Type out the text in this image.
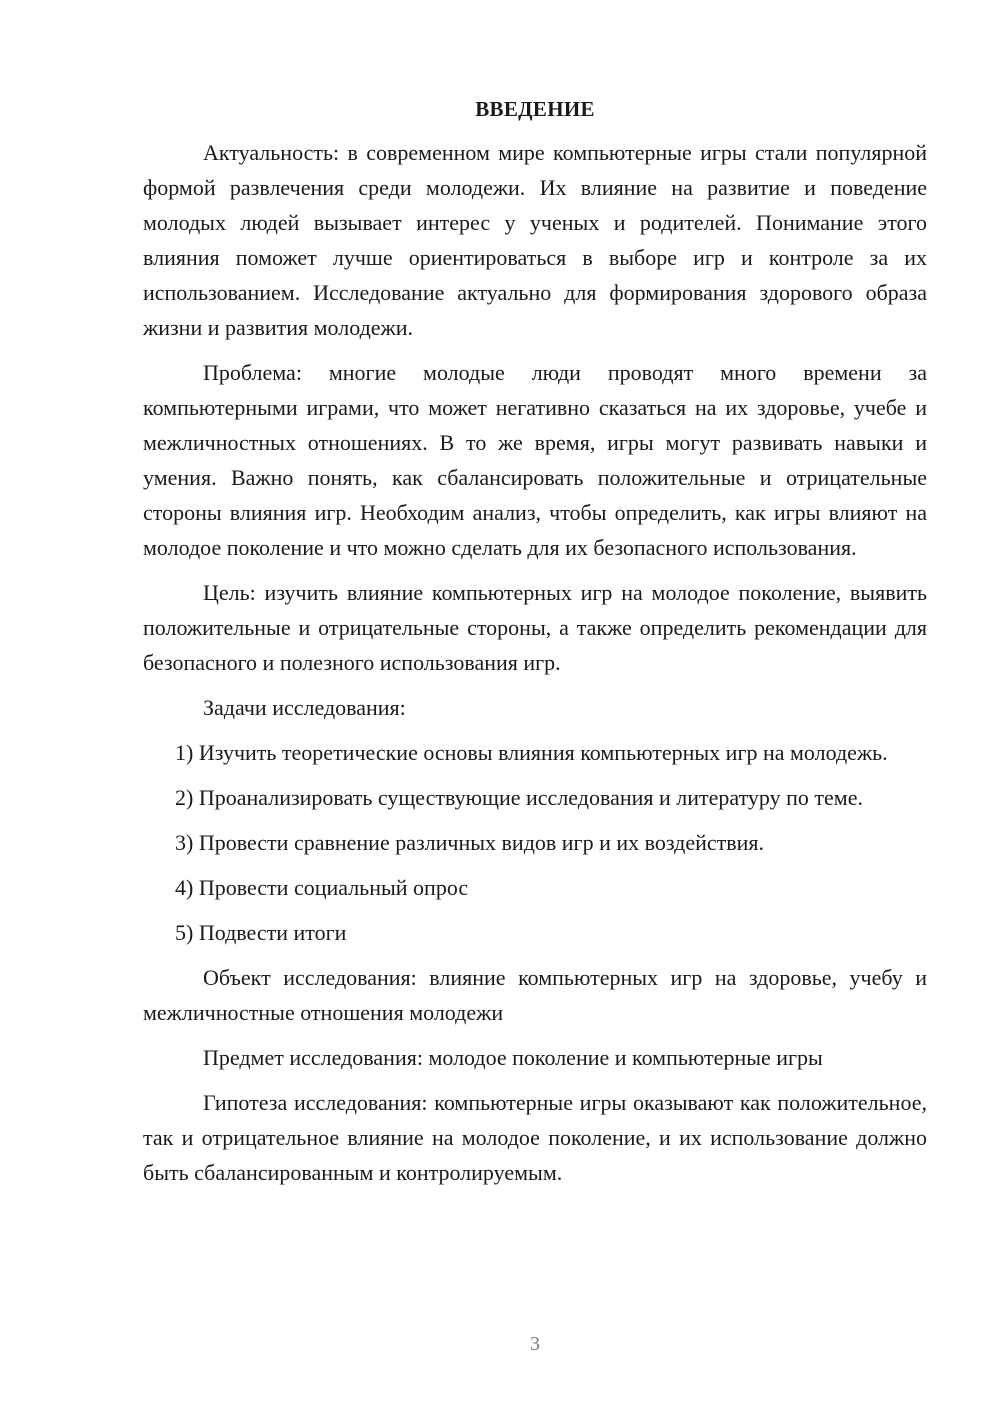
ВВЕДЕНИЕ

Актуальность: в современном мире компьютерные игры стали популярной формой развлечения среди молодежи. Их влияние на развитие и поведение молодых людей вызывает интерес у ученых и родителей. Понимание этого влияния поможет лучше ориентироваться в выборе игр и контроле за их использованием. Исследование актуально для формирования здорового образа жизни и развития молодежи.

Проблема: многие молодые люди проводят много времени за компьютерными играми, что может негативно сказаться на их здоровье, учебе и межличностных отношениях. В то же время, игры могут развивать навыки и умения. Важно понять, как сбалансировать положительные и отрицательные стороны влияния игр. Необходим анализ, чтобы определить, как игры влияют на молодое поколение и что можно сделать для их безопасного использования.

Цель: изучить влияние компьютерных игр на молодое поколение, выявить положительные и отрицательные стороны, а также определить рекомендации для безопасного и полезного использования игр.

Задачи исследования:

1) Изучить теоретические основы влияния компьютерных игр на молодежь.

2) Проанализировать существующие исследования и литературу по теме.

3) Провести сравнение различных видов игр и их воздействия.

4) Провести социальный опрос

5) Подвести итоги

Объект исследования: влияние компьютерных игр на здоровье, учебу и межличностные отношения молодежи

Предмет исследования: молодое поколение и компьютерные игры

Гипотеза исследования: компьютерные игры оказывают как положительное, так и отрицательное влияние на молодое поколение, и их использование должно быть сбалансированным и контролируемым.

3
